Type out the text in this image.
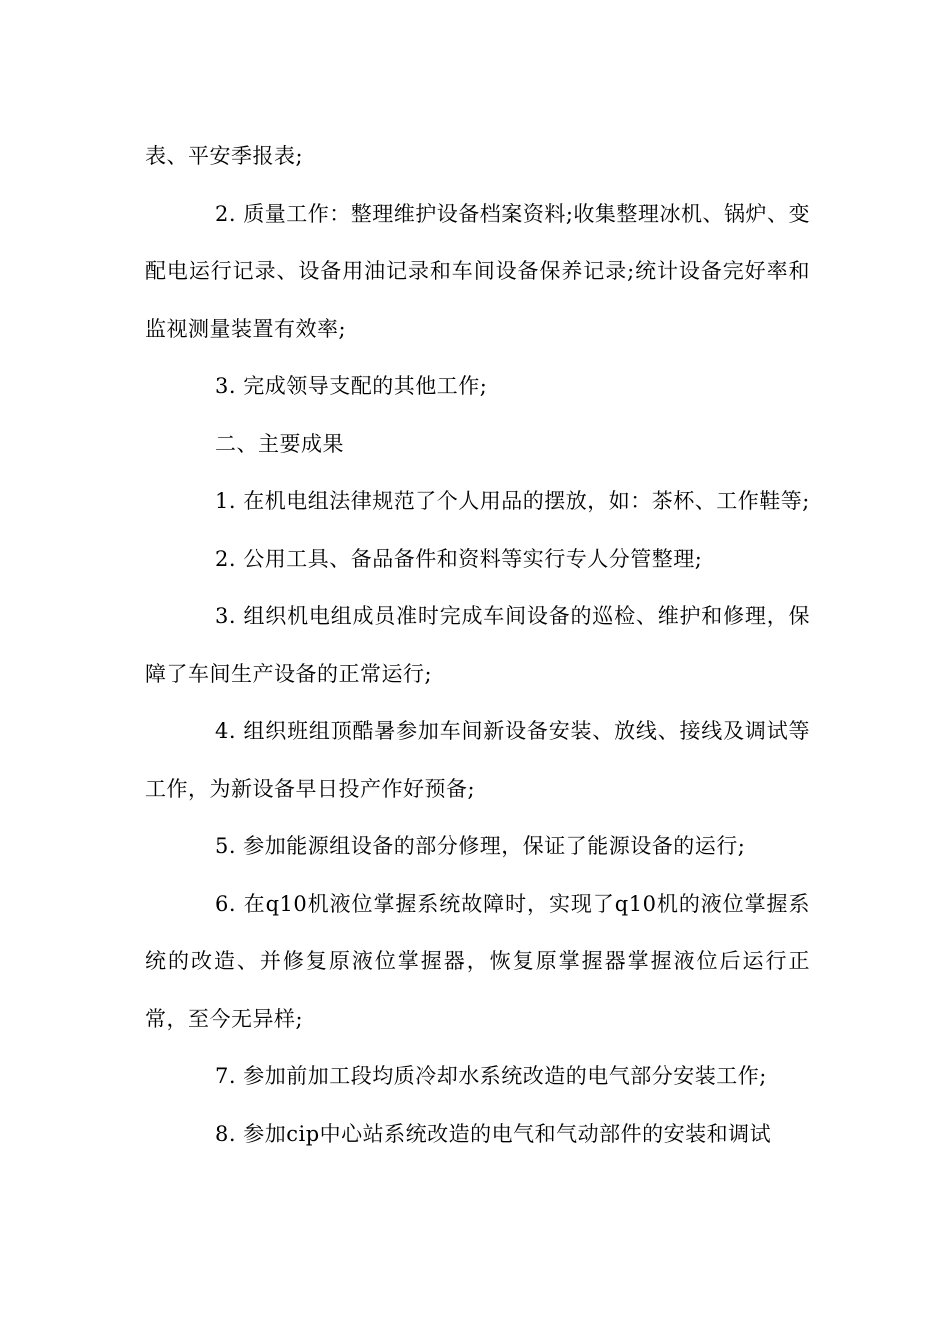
表、平安季报表;

2. 质量工作：整理维护设备档案资料;收集整理冰机、锅炉、变配电运行记录、设备用油记录和车间设备保养记录;统计设备完好率和监视测量装置有效率;

3. 完成领导支配的其他工作;

二、主要成果

1. 在机电组法律规范了个人用品的摆放，如：茶杯、工作鞋等;

2. 公用工具、备品备件和资料等实行专人分管整理;

3. 组织机电组成员准时完成车间设备的巡检、维护和修理，保障了车间生产设备的正常运行;

4. 组织班组顶酷暑参加车间新设备安装、放线、接线及调试等工作，为新设备早日投产作好预备;

5. 参加能源组设备的部分修理，保证了能源设备的运行;

6. 在q10机液位掌握系统故障时，实现了q10机的液位掌握系统的改造、并修复原液位掌握器，恢复原掌握器掌握液位后运行正常，至今无异样;

7. 参加前加工段均质冷却水系统改造的电气部分安装工作;

8. 参加cip中心站系统改造的电气和气动部件的安装和调试
